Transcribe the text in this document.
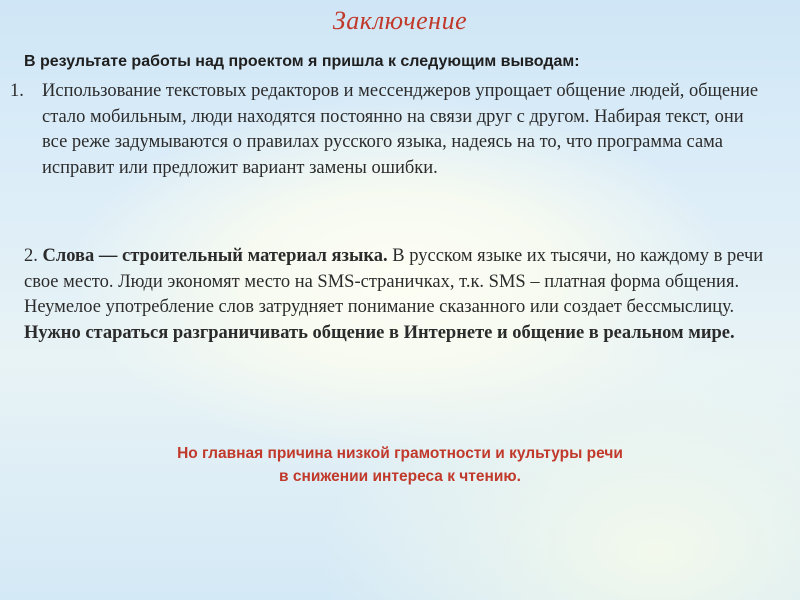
Заключение
В результате работы над проектом я пришла к следующим выводам:
1. Использование текстовых редакторов и мессенджеров упрощает общение людей, общение стало мобильным, люди находятся постоянно на связи друг с другом. Набирая текст, они все реже задумываются о правилах русского языка, надеясь на то, что программа сама исправит или предложит вариант замены ошибки.
2. Слова — строительный материал языка. В русском языке их тысячи, но каждому в речи свое место. Люди экономят место на SMS-страничках, т.к. SMS – платная форма общения.
Неумелое употребление слов затрудняет понимание сказанного или создает бессмыслицу. Нужно стараться разграничивать общение в Интернете и общение в реальном мире.
Но главная причина низкой грамотности и культуры речи
в снижении интереса к чтению.
